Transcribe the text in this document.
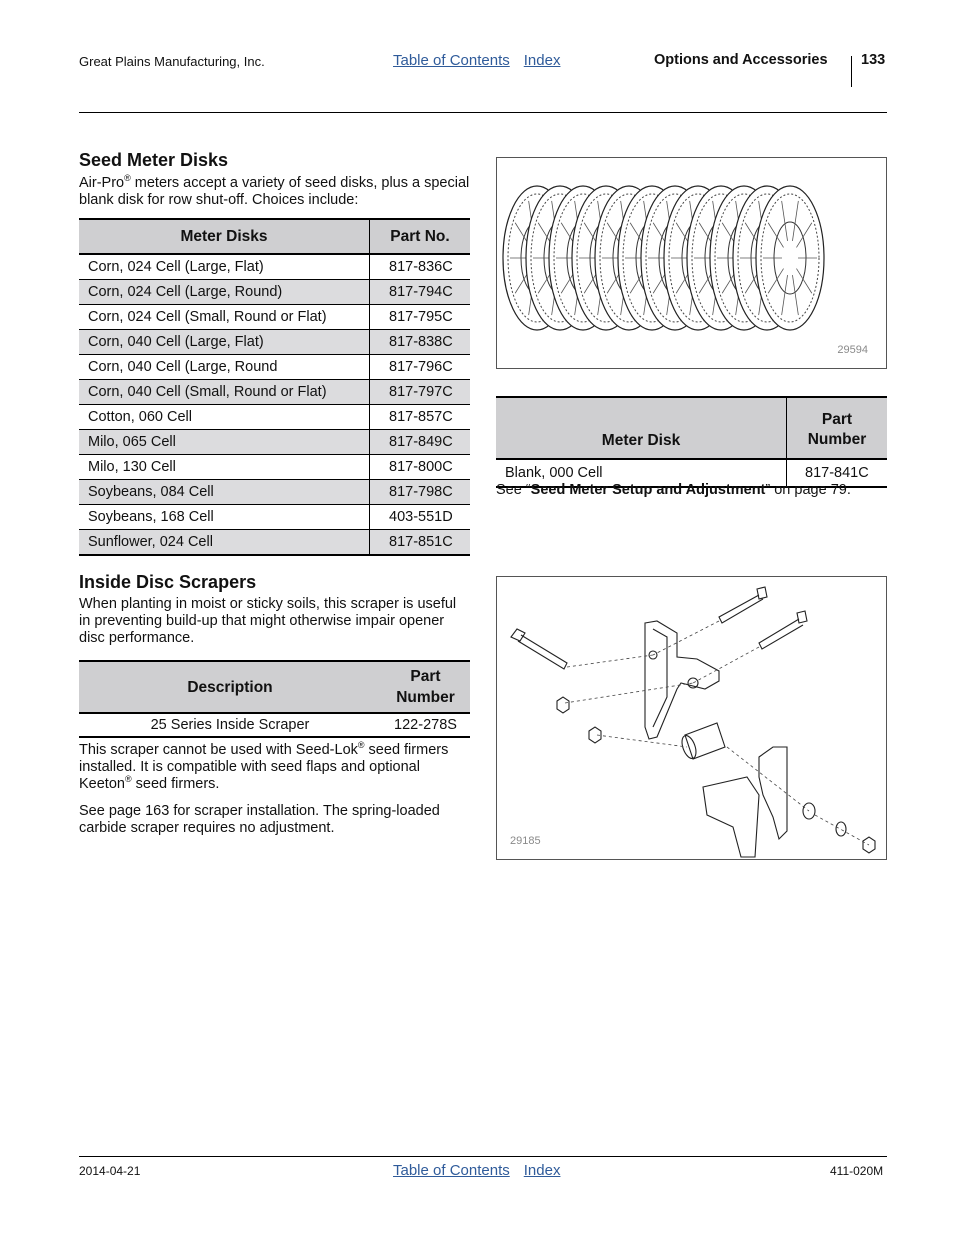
Great Plains Manufacturing, Inc.	Table of Contents Index	Options and Accessories 133
Seed Meter Disks

Air-Pro® meters accept a variety of seed disks, plus a special blank disk for row shut-off. Choices include:

Meter Disks	Part No.
Corn, 024 Cell (Large, Flat)	817-836C
Corn, 024 Cell (Large, Round)	817-794C
Corn, 024 Cell (Small, Round or Flat)	817-795C
Corn, 040 Cell (Large, Flat)	817-838C
Corn, 040 Cell (Large, Round	817-796C
Corn, 040 Cell (Small, Round or Flat)	817-797C
Cotton, 060 Cell	817-857C
Milo, 065 Cell	817-849C
Milo, 130 Cell	817-800C
Soybeans, 084 Cell	817-798C
Soybeans, 168 Cell	403-551D
Sunflower, 024 Cell	817-851C
29594
Meter Disk	Part
Number
Blank, 000 Cell	817-841C

See “Seed Meter Setup and Adjustment” on page 79.

Inside Disc Scrapers

When planting in moist or sticky soils, this scraper is useful in preventing build-up that might otherwise impair opener disc performance.

Description	Part
Number
25 Series Inside Scraper	122-278S

This scraper cannot be used with Seed-Lok® seed firmers installed. It is compatible with seed flaps and optional Keeton® seed firmers.

See page 163 for scraper installation. The spring-loaded carbide scraper requires no adjustment.

29185
2014-04-21	Table of Contents Index	411-020M
